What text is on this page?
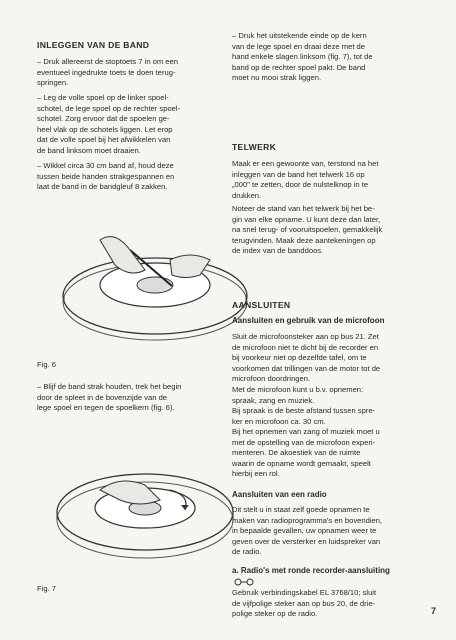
INLEGGEN VAN DE BAND

– Druk allereerst de stoptoets 7 in om een
eventueel ingedrukte toets te doen terug-
springen.

– Leg de volle spoel op de linker spoel-
schotel, de lege spoel op de rechter spoel-
schotel. Zorg ervoor dat de spoelen ge-
heel vlak op de schotels liggen. Let erop
dat de volle spoel bij het afwikkelen van
de band linksom moet draaien.

– Wikkel circa 30 cm band af, houd deze
tussen beide handen strakgespannen en
laat de band in de bandgleuf 8 zakken.

Fig. 6

– Blijf de band strak houden, trek het begin
door de spleet in de bovenzijde van de
lege spoel en tegen de spoelkern (fig. 6).

Fig. 7

– Druk het uitstekende einde op de kern
van de lege spoel en draai deze met de
hand enkele slagen linksom (fig. 7), tot de
band op de rechter spoel pakt. De band
moet nu mooi strak liggen.

TELWERK

Maak er een gewoonte van, terstond na het
inleggen van de band het telwerk 16 op
„000" te zetten, door de nulstelknop in te
drukken.

Noteer de stand van het telwerk bij het be-
gin van elke opname. U kunt deze dan later,
na snel terug- of vooruitspoelen, gemakkelijk
terugvinden. Maak deze aantekeningen op
de index van de banddoos.

AANSLUITEN
Aansluiten en gebruik van de microfoon

Sluit de microfoonsteker aan op bus 21. Zet
de microfoon niet te dicht bij de recorder en
bij voorkeur niet op dezelfde tafel, om te
voorkomen dat trillingen van de motor tot de
microfoon doordringen.

Met de microfoon kunt u b.v. opnemen:
spraak, zang en muziek.

Bij spraak is de beste afstand tussen spre-
ker en microfoon ca. 30 cm.

Bij het opnemen van zang of muziek moet u
met de opstelling van de microfoon experi-
menteren. De akoestiek van de ruimte
waarin de opname wordt gemaakt, speelt
hierbij een rol.

Aansluiten van een radio

Dit stelt u in staat zelf goede opnamen te
maken van radioprogramma's en bovendien,
in bepaalde gevallen, uw opnamen weer te
geven over de versterker en luidspreker van
de radio.

a. Radio's met ronde recorder-aansluiting

Gebruik verbindingskabel EL 3768/10; sluit
de vijfpolige steker aan op bus 20, de drie-
polige steker op de radio.	7
